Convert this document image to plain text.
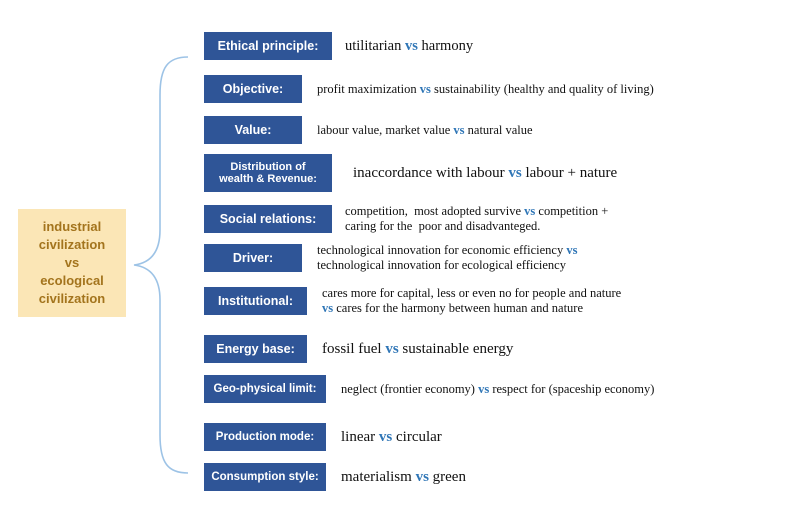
industrial
civilization
vs
ecological
civilization
Ethical principle: utilitarian vs harmony
Objective:	profit maximization vs sustainability (healthy and quality of living)
Value:	labour value, market value vs natural value
Distribution of
wealth & Revenue: inaccordance with labour vs labour + nature
Social relations:
competition,  most adopted survive vs competition +
caring for the  poor and disadvanteged.
Driver:
technological innovation for economic efficiency vs
technological innovation for ecological efficiency
Institutional:
cares more for capital, less or even no for people and nature
vs cares for the harmony between human and nature
Energy base: fossil fuel vs sustainable energy
Geo-physical limit: neglect (frontier economy) vs respect for (spaceship economy)
Production mode: linear vs circular
Consumption style: materialism vs green
